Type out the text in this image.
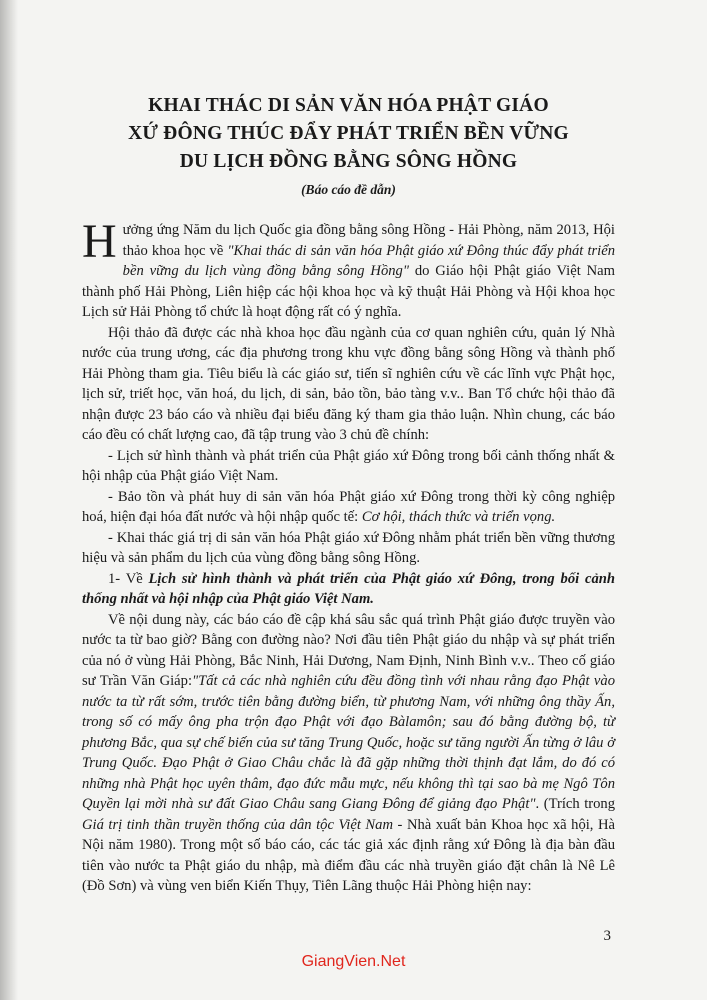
KHAI THÁC DI SẢN VĂN HÓA PHẬT GIÁO
XỨ ĐÔNG THÚC ĐẨY PHÁT TRIỂN BỀN VỮNG
DU LỊCH ĐỒNG BẰNG SÔNG HỒNG
(Báo cáo đề dẫn)

Hưởng ứng Năm du lịch Quốc gia đồng bằng sông Hồng - Hải Phòng, năm 2013, Hội thảo khoa học về "Khai thác di sản văn hóa Phật giáo xứ Đông thúc đẩy phát triển bền vững du lịch vùng đồng bằng sông Hồng" do Giáo hội Phật giáo Việt Nam thành phố Hải Phòng, Liên hiệp các hội khoa học và kỹ thuật Hải Phòng và Hội khoa học Lịch sử Hải Phòng tổ chức là hoạt động rất có ý nghĩa.

Hội thảo đã được các nhà khoa học đầu ngành của cơ quan nghiên cứu, quản lý Nhà nước của trung ương, các địa phương trong khu vực đồng bằng sông Hồng và thành phố Hải Phòng tham gia. Tiêu biểu là các giáo sư, tiến sĩ nghiên cứu về các lĩnh vực Phật học, lịch sử, triết học, văn hoá, du lịch, di sản, bảo tồn, bảo tàng v.v.. Ban Tổ chức hội thảo đã nhận được 23 báo cáo và nhiều đại biểu đăng ký tham gia thảo luận. Nhìn chung, các báo cáo đều có chất lượng cao, đã tập trung vào 3 chủ đề chính:

- Lịch sử hình thành và phát triển của Phật giáo xứ Đông trong bối cảnh thống nhất & hội nhập của Phật giáo Việt Nam.

- Bảo tồn và phát huy di sản văn hóa Phật giáo xứ Đông trong thời kỳ công nghiệp hoá, hiện đại hóa đất nước và hội nhập quốc tế: Cơ hội, thách thức và triển vọng.

- Khai thác giá trị di sản văn hóa Phật giáo xứ Đông nhằm phát triển bền vững thương hiệu và sản phẩm du lịch của vùng đồng bằng sông Hồng.

1- Về Lịch sử hình thành và phát triển của Phật giáo xứ Đông, trong bối cảnh thống nhất và hội nhập của Phật giáo Việt Nam.

Về nội dung này, các báo cáo đề cập khá sâu sắc quá trình Phật giáo được truyền vào nước ta từ bao giờ? Bằng con đường nào? Nơi đầu tiên Phật giáo du nhập và sự phát triển của nó ở vùng Hải Phòng, Bắc Ninh, Hải Dương, Nam Định, Ninh Bình v.v.. Theo cố giáo sư Trần Văn Giáp:"Tất cả các nhà nghiên cứu đều đồng tình với nhau rằng đạo Phật vào nước ta từ rất sớm, trước tiên bằng đường biển, từ phương Nam, với những ông thầy Ấn, trong số có mấy ông pha trộn đạo Phật với đạo Bàlamôn; sau đó bằng đường bộ, từ phương Bắc, qua sự chế biến của sư tăng Trung Quốc, hoặc sư tăng người Ấn từng ở lâu ở Trung Quốc. Đạo Phật ở Giao Châu chắc là đã gặp những thời thịnh đạt lắm, do đó có những nhà Phật học uyên thâm, đạo đức mẫu mực, nếu không thì tại sao bà mẹ Ngô Tôn Quyền lại mời nhà sư đất Giao Châu sang Giang Đông để giảng đạo Phật". (Trích trong Giá trị tinh thần truyền thống của dân tộc Việt Nam - Nhà xuất bản Khoa học xã hội, Hà Nội năm 1980). Trong một số báo cáo, các tác giả xác định rằng xứ Đông là địa bàn đầu tiên vào nước ta Phật giáo du nhập, mà điểm đầu các nhà truyền giáo đặt chân là Nê Lê (Đồ Sơn) và vùng ven biển Kiến Thụy, Tiên Lãng thuộc Hải Phòng hiện nay:

3
GiangVien.Net
